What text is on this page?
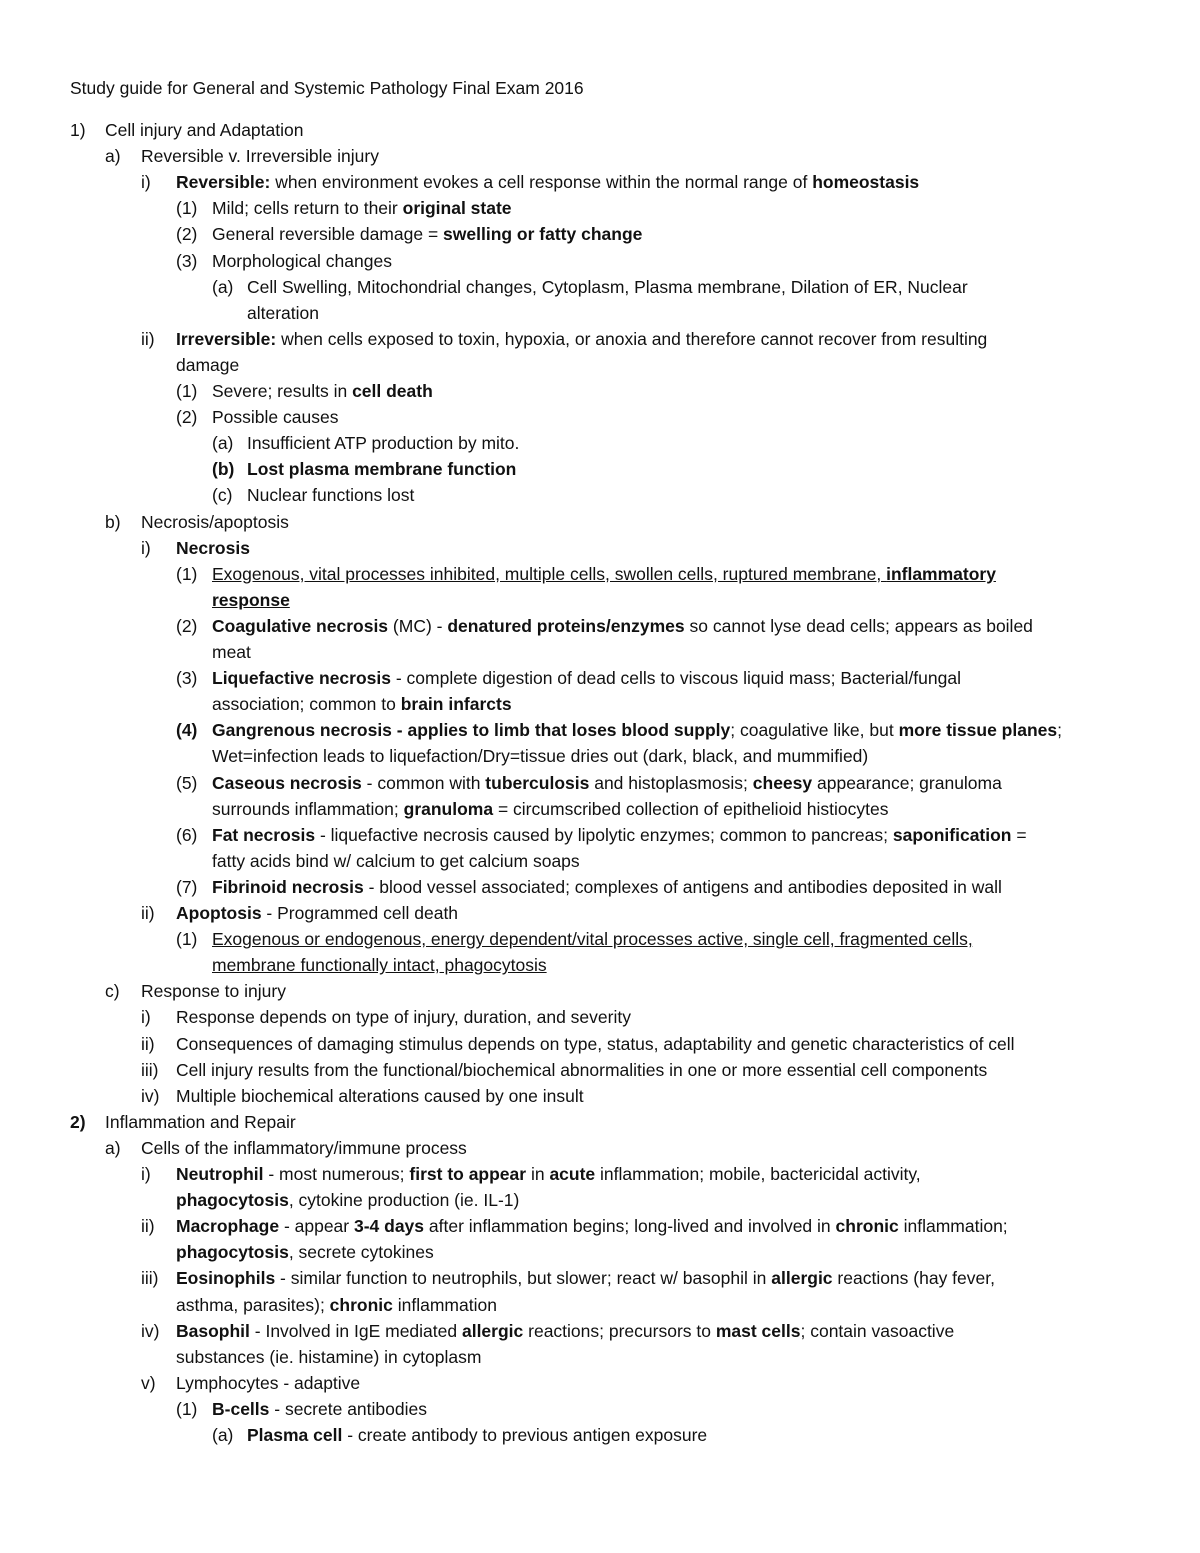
Study guide for General and Systemic Pathology Final Exam 2016
1) Cell injury and Adaptation
a) Reversible v. Irreversible injury
i) Reversible: when environment evokes a cell response within the normal range of homeostasis
(1) Mild; cells return to their original state
(2) General reversible damage = swelling or fatty change
(3) Morphological changes
(a) Cell Swelling, Mitochondrial changes, Cytoplasm, Plasma membrane, Dilation of ER, Nuclear
alteration
ii) Irreversible: when cells exposed to toxin, hypoxia, or anoxia and therefore cannot recover from resulting
damage
(1) Severe; results in cell death
(2) Possible causes
(a) Insufficient ATP production by mito.
(b) Lost plasma membrane function
(c) Nuclear functions lost
b) Necrosis/apoptosis
i) Necrosis
(1) Exogenous, vital processes inhibited, multiple cells, swollen cells, ruptured membrane, inflammatory
response
(2) Coagulative necrosis (MC) - denatured proteins/enzymes so cannot lyse dead cells; appears as boiled
meat
(3) Liquefactive necrosis - complete digestion of dead cells to viscous liquid mass; Bacterial/fungal
association; common to brain infarcts
(4) Gangrenous necrosis - applies to limb that loses blood supply; coagulative like, but more tissue planes;
Wet=infection leads to liquefaction/Dry=tissue dries out (dark, black, and mummified)
(5) Caseous necrosis - common with tuberculosis and histoplasmosis; cheesy appearance; granuloma
surrounds inflammation; granuloma = circumscribed collection of epithelioid histiocytes
(6) Fat necrosis - liquefactive necrosis caused by lipolytic enzymes; common to pancreas; saponification =
fatty acids bind w/ calcium to get calcium soaps
(7) Fibrinoid necrosis - blood vessel associated; complexes of antigens and antibodies deposited in wall
ii) Apoptosis - Programmed cell death
(1) Exogenous or endogenous, energy dependent/vital processes active, single cell, fragmented cells,
membrane functionally intact, phagocytosis
c) Response to injury
i) Response depends on type of injury, duration, and severity
ii) Consequences of damaging stimulus depends on type, status, adaptability and genetic characteristics of cell
iii) Cell injury results from the functional/biochemical abnormalities in one or more essential cell components
iv) Multiple biochemical alterations caused by one insult
2) Inflammation and Repair
a) Cells of the inflammatory/immune process
i) Neutrophil - most numerous; first to appear in acute inflammation; mobile, bactericidal activity,
phagocytosis, cytokine production (ie. IL-1)
ii) Macrophage - appear 3-4 days after inflammation begins; long-lived and involved in chronic inflammation;
phagocytosis, secrete cytokines
iii) Eosinophils - similar function to neutrophils, but slower; react w/ basophil in allergic reactions (hay fever,
asthma, parasites); chronic inflammation
iv) Basophil - Involved in IgE mediated allergic reactions; precursors to mast cells; contain vasoactive
substances (ie. histamine) in cytoplasm
v) Lymphocytes - adaptive
(1) B-cells - secrete antibodies
(a) Plasma cell - create antibody to previous antigen exposure
